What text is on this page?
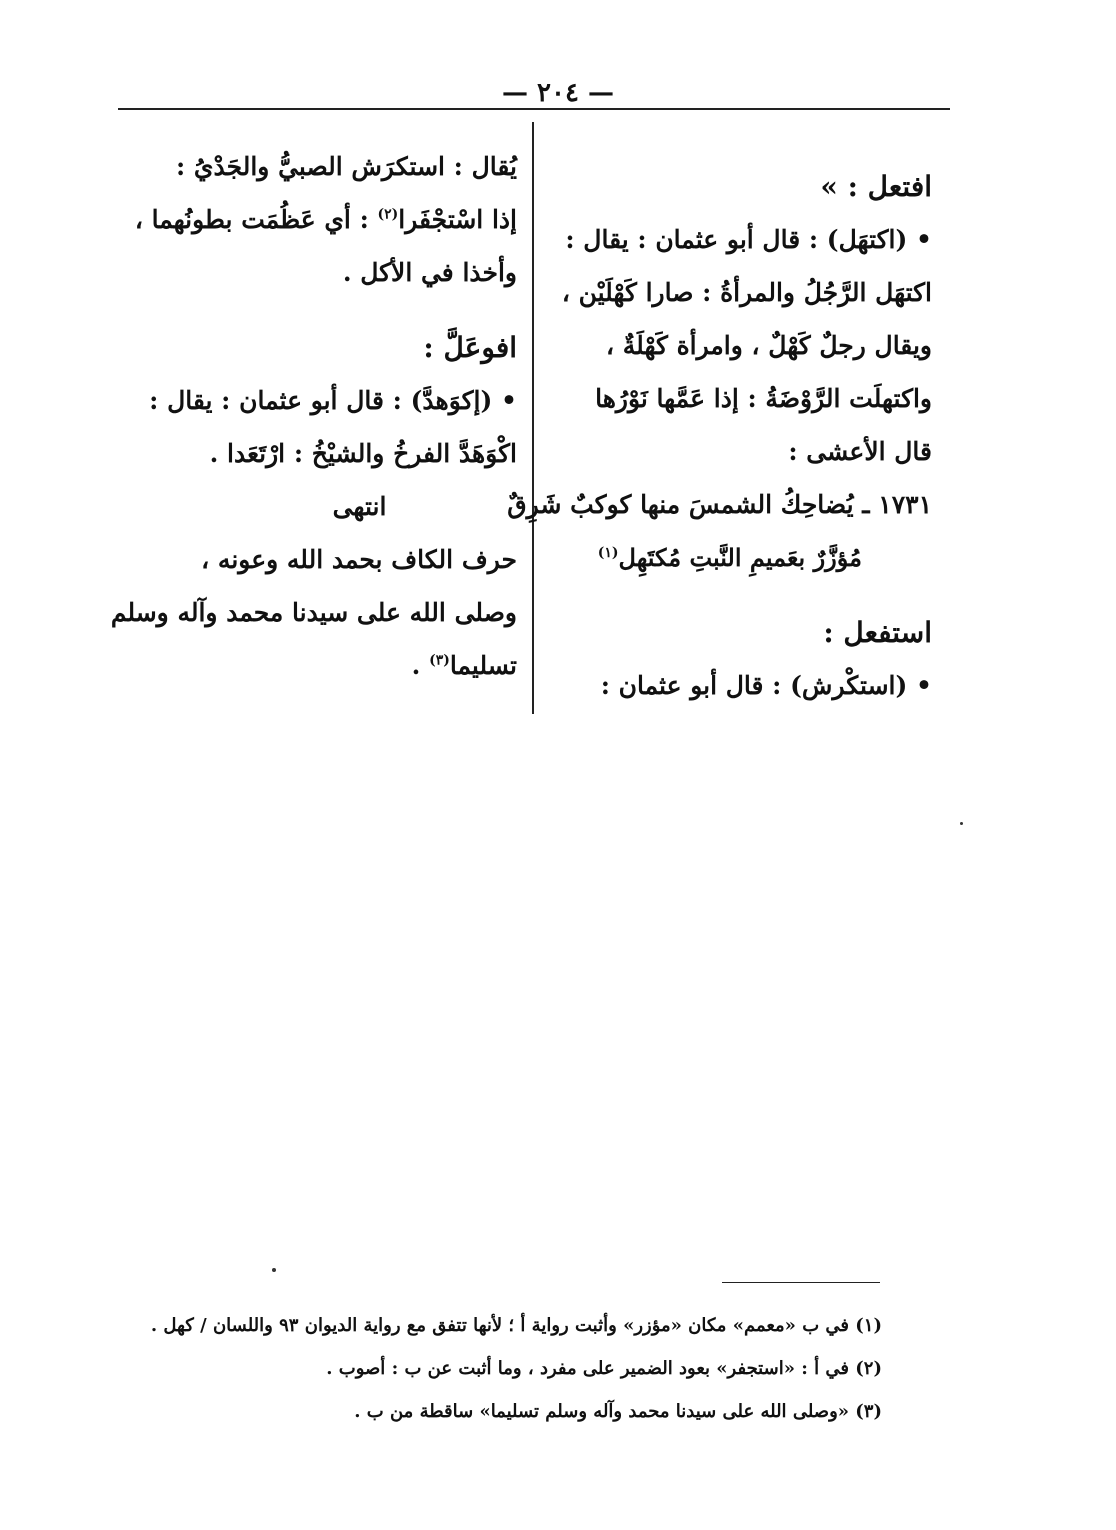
— ٢٠٤ —
افتعل : »
• (اكتهَل) : قال أبو عثمان : يقال :
اكتهَل الرَّجُلُ والمرأةُ : صارا كَهْلَيْن ،
ويقال رجلٌ كَهْلٌ ، وامرأة كَهْلَةٌ ،
واكتهلَت الرَّوْضَةُ : إذا عَمَّها نَوْرُها
قال الأعشى :
١٧٣١ ـ يُضاحِكُ الشمسَ منها كوكبٌ شَرِقٌ
مُؤزَّرٌ بعَميمِ النَّبتِ مُكتَهِل$^{(١)}$
استفعل :
• (استكْرش) : قال أبو عثمان :
يُقال : استكرَش الصبيُّ والجَدْيُ :
إذا اسْتجْفَرا$^{(٢)}$ : أي عَظُمَت بطونُهما ،
وأخذا في الأكل .
افوعَلَّ :
• (إكوَهدَّ) : قال أبو عثمان : يقال :
اكْوَهَدَّ الفرخُ والشيْخُ : ارْتَعَدا .
انتهى
حرف الكاف بحمد الله وعونه ،
وصلى الله على سيدنا محمد وآله وسلم
تسليما$^{(٣)}$ .
(١) في ب «معمم» مكان «مؤزر» وأثبت رواية أ ؛ لأنها تتفق مع رواية الديوان ٩٣ واللسان / كهل .
(٢) في أ : «استجفر» بعود الضمير على مفرد ، وما أثبت عن ب : أصوب .
(٣) «وصلى الله على سيدنا محمد وآله وسلم تسليما» ساقطة من ب .
